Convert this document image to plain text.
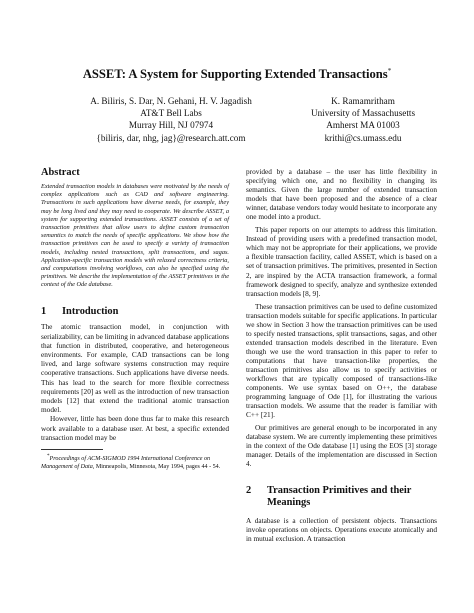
ASSET: A System for Supporting Extended Transactions*
A. Biliris, S. Dar, N. Gehani, H. V. Jagadish
AT&T Bell Labs
Murray Hill, NJ 07974
{biliris, dar, nhg, jag}@research.att.com
K. Ramamritham
University of Massachusetts
Amherst MA 01003
krithi@cs.umass.edu
Abstract

Extended transaction models in databases were motivated by the needs of complex applications such as CAD and software engineering. Transactions in such applications have diverse needs, for example, they may be long lived and they may need to cooperate. We describe ASSET, a system for supporting extended transactions. ASSET consists of a set of transaction primitives that allow users to define custom transaction semantics to match the needs of specific applications. We show how the transaction primitives can be used to specify a variety of transaction models, including nested transactions, split transactions, and sagas. Application-specific transaction models with relaxed correctness criteria, and computations involving workflows, can also be specified using the primitives. We describe the implementation of the ASSET primitives in the context of the Ode database.

1 Introduction

The atomic transaction model, in conjunction with serializability, can be limiting in advanced database applications that function in distributed, cooperative, and heterogeneous environments. For example, CAD transactions can be long lived, and large software systems construction may require cooperative transactions. Such applications have diverse needs. This has lead to the search for more flexible correctness requirements [20] as well as the introduction of new transaction models [12] that extend the traditional atomic transaction model.

However, little has been done thus far to make this research work available to a database user. At best, a specific extended transaction model may be

*Proceedings of ACM-SIGMOD 1994 International Conference on Management of Data, Minneapolis, Minnesota, May 1994, pages 44 - 54.

provided by a database – the user has little flexibility in specifying which one, and no flexibility in changing its semantics. Given the large number of extended transaction models that have been proposed and the absence of a clear winner, database vendors today would hesitate to incorporate any one model into a product.

This paper reports on our attempts to address this limitation. Instead of providing users with a predefined transaction model, which may not be appropriate for their applications, we provide a flexible transaction facility, called ASSET, which is based on a set of transaction primitives. The primitives, presented in Section 2, are inspired by the ACTA transaction framework, a formal framework designed to specify, analyze and synthesize extended transaction models [8, 9].

These transaction primitives can be used to define customized transaction models suitable for specific applications. In particular we show in Section 3 how the transaction primitives can be used to specify nested transactions, split transactions, sagas, and other extended transaction models described in the literature. Even though we use the word transaction in this paper to refer to computations that have transaction-like properties, the transaction primitives also allow us to specify activities or workflows that are typically composed of transactions-like components. We use syntax based on O++, the database programming language of Ode [1], for illustrating the various transaction models. We assume that the reader is familiar with C++ [21].

Our primitives are general enough to be incorporated in any database system. We are currently implementing these primitives in the context of the Ode database [1] using the EOS [3] storage manager. Details of the implementation are discussed in Section 4.

2	Transaction Primitives and their Meanings

A database is a collection of persistent objects. Transactions invoke operations on objects. Operations execute atomically and in mutual exclusion. A transaction
